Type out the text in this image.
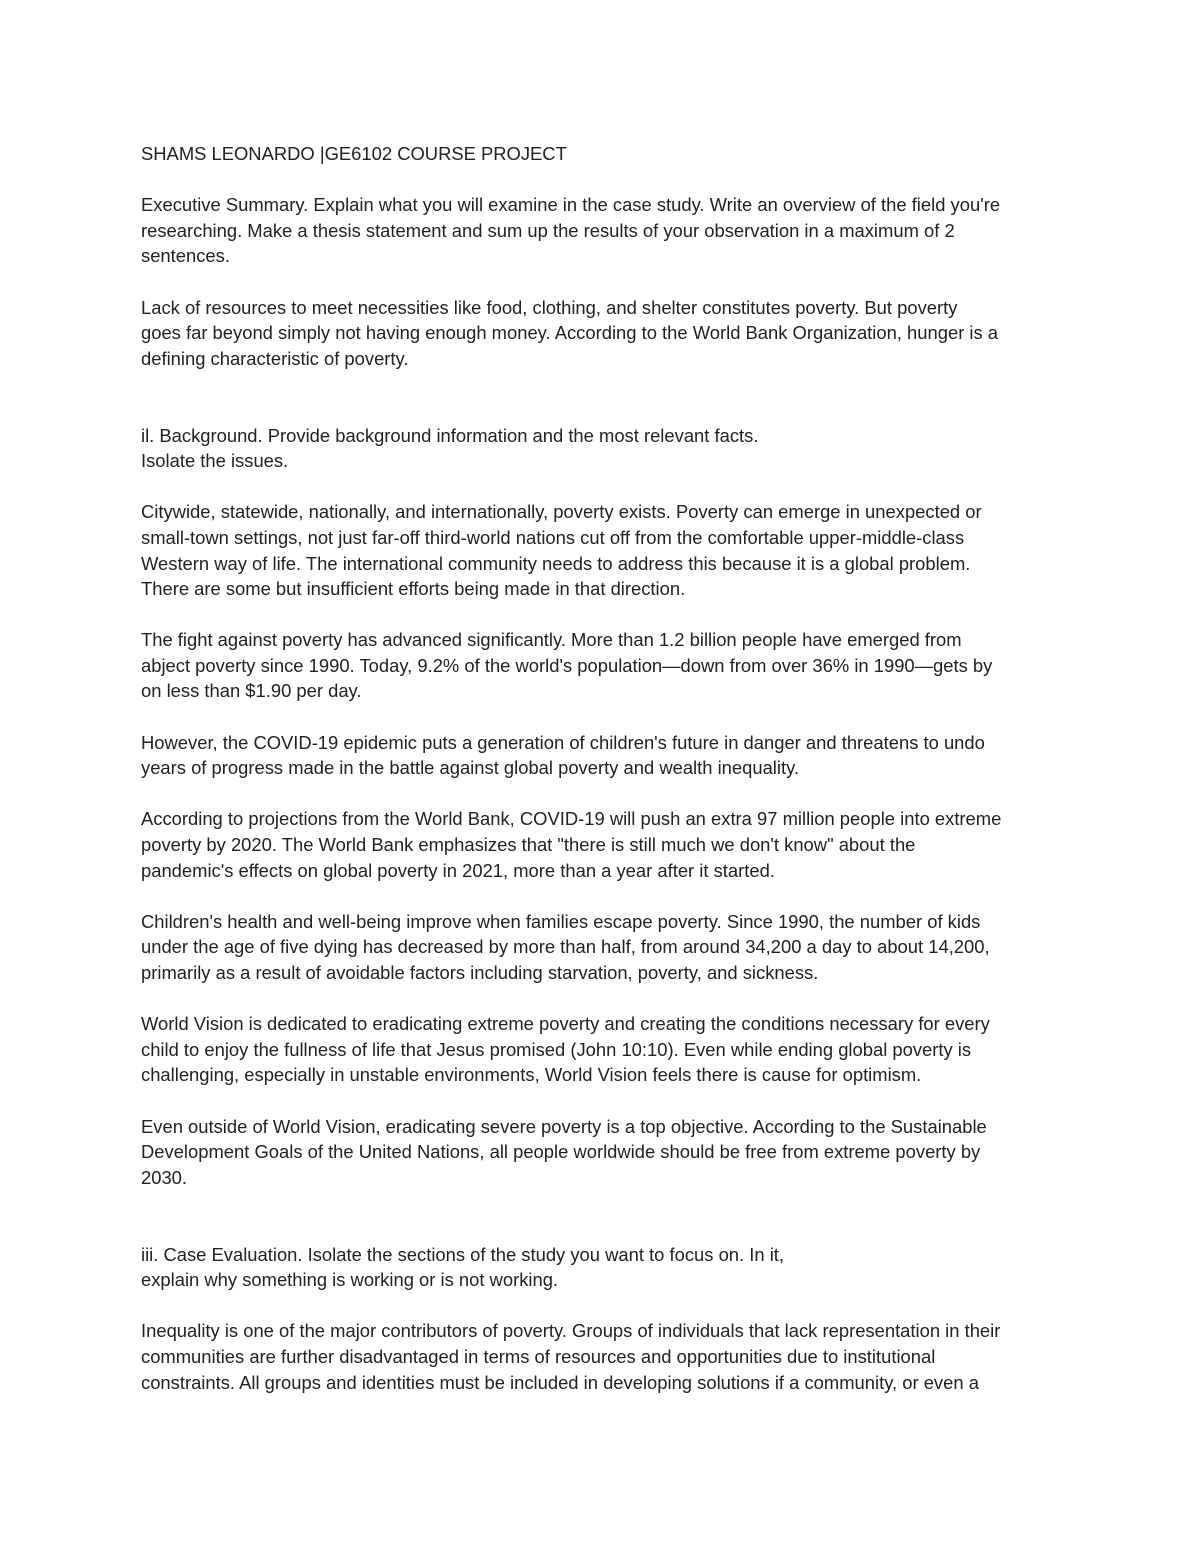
SHAMS LEONARDO |GE6102 COURSE PROJECT

Executive Summary. Explain what you will examine in the case study. Write an overview of the field you're
researching. Make a thesis statement and sum up the results of your observation in a maximum of 2
sentences.

Lack of resources to meet necessities like food, clothing, and shelter constitutes poverty. But poverty
goes far beyond simply not having enough money. According to the World Bank Organization, hunger is a
defining characteristic of poverty.

il. Background. Provide background information and the most relevant facts.
Isolate the issues.

Citywide, statewide, nationally, and internationally, poverty exists. Poverty can emerge in unexpected or
small-town settings, not just far-off third-world nations cut off from the comfortable upper-middle-class
Western way of life. The international community needs to address this because it is a global problem.
There are some but insufficient efforts being made in that direction.

The fight against poverty has advanced significantly. More than 1.2 billion people have emerged from
abject poverty since 1990. Today, 9.2% of the world's population—down from over 36% in 1990—gets by
on less than $1.90 per day.

However, the COVID-19 epidemic puts a generation of children's future in danger and threatens to undo
years of progress made in the battle against global poverty and wealth inequality.

According to projections from the World Bank, COVID-19 will push an extra 97 million people into extreme
poverty by 2020. The World Bank emphasizes that "there is still much we don't know" about the
pandemic's effects on global poverty in 2021, more than a year after it started.

Children's health and well-being improve when families escape poverty. Since 1990, the number of kids
under the age of five dying has decreased by more than half, from around 34,200 a day to about 14,200,
primarily as a result of avoidable factors including starvation, poverty, and sickness.

World Vision is dedicated to eradicating extreme poverty and creating the conditions necessary for every
child to enjoy the fullness of life that Jesus promised (John 10:10). Even while ending global poverty is
challenging, especially in unstable environments, World Vision feels there is cause for optimism.

Even outside of World Vision, eradicating severe poverty is a top objective. According to the Sustainable
Development Goals of the United Nations, all people worldwide should be free from extreme poverty by
2030.

iii. Case Evaluation. Isolate the sections of the study you want to focus on. In it,
explain why something is working or is not working.

Inequality is one of the major contributors of poverty. Groups of individuals that lack representation in their
communities are further disadvantaged in terms of resources and opportunities due to institutional
constraints. All groups and identities must be included in developing solutions if a community, or even a
